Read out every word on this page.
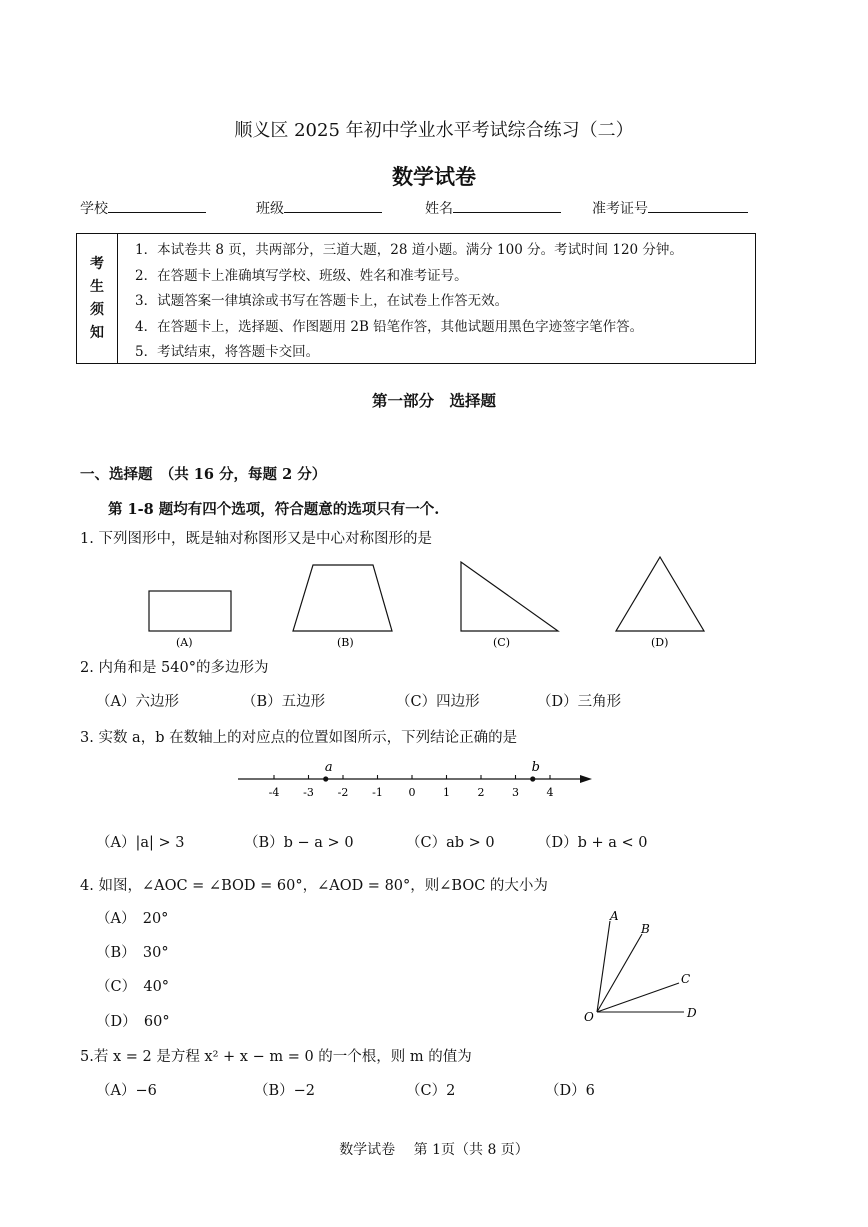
顺义区 2025 年初中学业水平考试综合练习（二）
数学试卷
学校	班级	姓名	准考证号
考
生
须
知
1．本试卷共 8 页，共两部分，三道大题，28 道小题。满分 100 分。考试时间 120 分钟。
2．在答题卡上准确填写学校、班级、姓名和准考证号。
3．试题答案一律填涂或书写在答题卡上，在试卷上作答无效。
4．在答题卡上，选择题、作图题用 2B 铅笔作答，其他试题用黑色字迹签字笔作答。
5．考试结束，将答题卡交回。
第一部分　选择题
一、选择题　（共 16 分，每题 2 分）
第 1-8 题均有四个选项，符合题意的选项只有一个.
1. 下列图形中，既是轴对称图形又是中心对称图形的是
(A)	(B)	(C)	(D)
2. 内角和是 540°的多边形为
（A）六边形	（B）五边形	（C）四边形	（D）三角形
3. 实数 a，b 在数轴上的对应点的位置如图所示，下列结论正确的是
-4 -3 -2 -1 0	1	2	3	4
a	b
（A）|a| > 3	（B）b − a > 0	（C）ab > 0	（D）b + a < 0
4. 如图，∠AOC = ∠BOD = 60°，∠AOD = 80°，则∠BOC 的大小为
（A）　20°
（B）　30°
（C）　40°
（D）　60°
A
B
C
D
O
5.若 x = 2 是方程 x² + x − m = 0 的一个根，则 m 的值为
（A）−6	（B）−2	（C）2	（D）6
数学试卷　 第 1页（共 8 页）
